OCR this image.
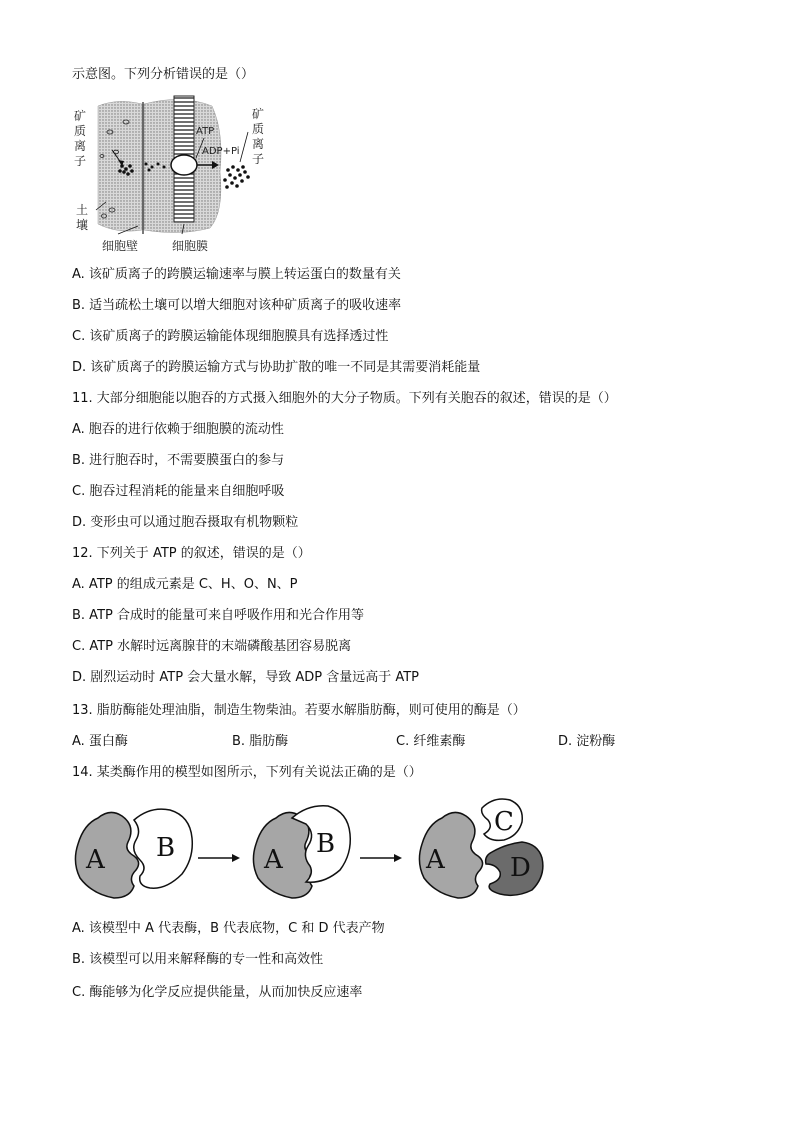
示意图。下列分析错误的是（）
矿
质
离
子
矿
质
离
子
土
壤
ATP
ADP+Pi
细胞壁	细胞膜
A. 该矿质离子的跨膜运输速率与膜上转运蛋白的数量有关
B. 适当疏松土壤可以增大细胞对该种矿质离子的吸收速率
C. 该矿质离子的跨膜运输能体现细胞膜具有选择透过性
D. 该矿质离子的跨膜运输方式与协助扩散的唯一不同是其需要消耗能量
11. 大部分细胞能以胞吞的方式摄入细胞外的大分子物质。下列有关胞吞的叙述，错误的是（）
A. 胞吞的进行依赖于细胞膜的流动性
B. 进行胞吞时，不需要膜蛋白的参与
C. 胞吞过程消耗的能量来自细胞呼吸
D. 变形虫可以通过胞吞摄取有机物颗粒
12. 下列关于 ATP 的叙述，错误的是（）
A. ATP 的组成元素是 C、H、O、N、P
B. ATP 合成时的能量可来自呼吸作用和光合作用等
C. ATP 水解时远离腺苷的末端磷酸基团容易脱离
D. 剧烈运动时 ATP 会大量水解，导致 ADP 含量远高于 ATP
13. 脂肪酶能处理油脂，制造生物柴油。若要水解脂肪酶，则可使用的酶是（）
A. 蛋白酶	B. 脂肪酶	C. 纤维素酶	D. 淀粉酶
14. 某类酶作用的模型如图所示，下列有关说法正确的是（）
A B	A
B
A
C
D
A. 该模型中 A 代表酶，B 代表底物，C 和 D 代表产物
B. 该模型可以用来解释酶的专一性和高效性
C. 酶能够为化学反应提供能量，从而加快反应速率
